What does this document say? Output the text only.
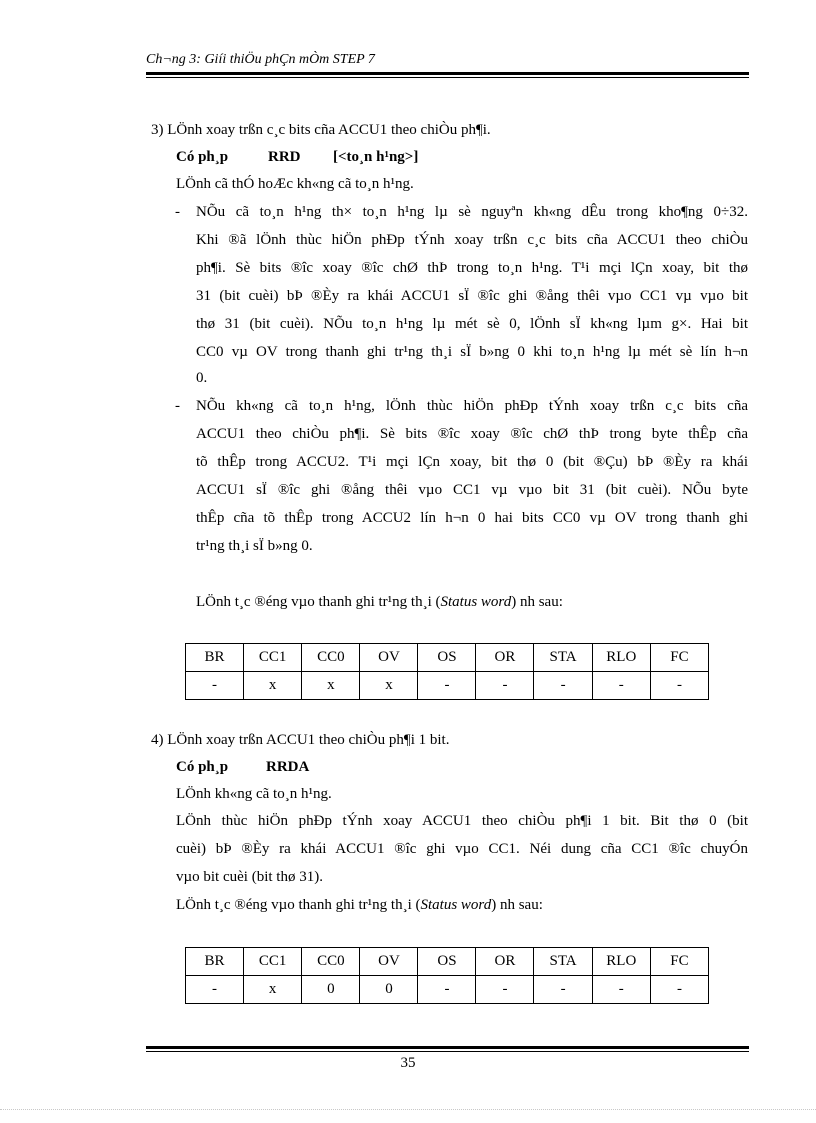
Ch¬ng 3: Giíi thiÖu phÇn mÒm STEP 7
3) LÖnh xoay trßn c¸c bits cña ACCU1 theo chiÒu ph¶i.
Có ph¸p	RRD [<to¸n h¹ng>]
LÖnh cã thÓ hoÆc kh«ng cã to¸n h¹ng.
- NÕu cã to¸n h¹ng th× to¸n h¹ng lµ sè nguyªn kh«ng dÊu trong kho¶ng 0÷32.
Khi ®ã lÖnh thùc hiÖn phÐp tÝnh xoay trßn c¸c bits cña ACCU1 theo chiÒu
ph¶i. Sè bits ®îc xoay ®îc chØ thÞ trong to¸n h¹ng. T¹i mçi lÇn xoay, bit thø
31 (bit cuèi) bÞ ®Èy ra khái ACCU1 sÏ ®îc ghi ®ång thêi vµo CC1 vµ vµo bit
thø 31 (bit cuèi). NÕu to¸n h¹ng lµ mét sè 0, lÖnh sÏ kh«ng lµm g×. Hai bit
CC0 vµ OV trong thanh ghi tr¹ng th¸i sÏ b»ng 0 khi to¸n h¹ng lµ mét sè lín h¬n
0.
- NÕu kh«ng cã to¸n h¹ng, lÖnh thùc hiÖn phÐp tÝnh xoay trßn c¸c bits cña
ACCU1 theo chiÒu ph¶i. Sè bits ®îc xoay ®îc chØ thÞ trong byte thÊp cña
tõ thÊp trong ACCU2. T¹i mçi lÇn xoay, bit thø 0 (bit ®Çu) bÞ ®Èy ra khái
ACCU1 sÏ ®îc ghi ®ång thêi vµo CC1 vµ vµo bit 31 (bit cuèi). NÕu byte
thÊp cña tõ thÊp trong ACCU2 lín h¬n 0 hai bits CC0 vµ OV trong thanh ghi
tr¹ng th¸i sÏ b»ng 0.
LÖnh t¸c ®éng vµo thanh ghi tr¹ng th¸i (Status word) nh sau:
BR	CC1	CC0	OV	OS	OR	STA	RLO	FC
-	x	x	x	-	-	-	-	-
4) LÖnh xoay trßn ACCU1 theo chiÒu ph¶i 1 bit.
Có ph¸p	RRDA
LÖnh kh«ng cã to¸n h¹ng.
LÖnh thùc hiÖn phÐp tÝnh xoay ACCU1 theo chiÒu ph¶i 1 bit. Bit thø 0 (bit
cuèi) bÞ ®Èy ra khái ACCU1 ®îc ghi vµo CC1. Néi dung cña CC1 ®îc chuyÓn
vµo bit cuèi (bit thø 31).
LÖnh t¸c ®éng vµo thanh ghi tr¹ng th¸i (Status word) nh sau:
BR	CC1	CC0	OV	OS	OR	STA	RLO	FC
-	x	0	0	-	-	-	-	-
35
